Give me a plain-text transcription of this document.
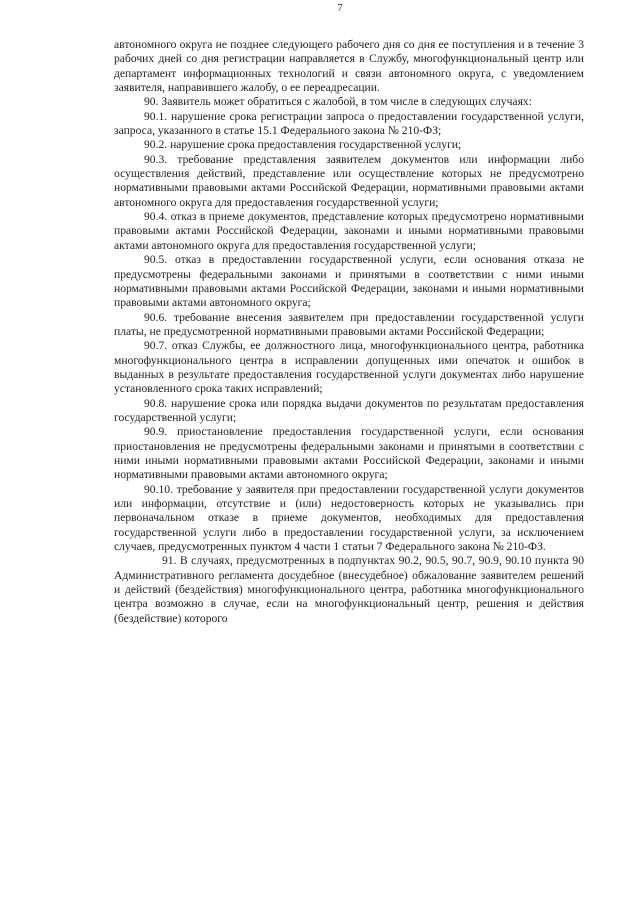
7

автономного округа не позднее следующего рабочего дня со дня ее поступления и в течение 3 рабочих дней со дня регистрации направляется в Службу, многофункциональный центр или департамент информационных технологий и связи автономного округа, с уведомлением заявителя, направившего жалобу, о ее переадресации.

90. Заявитель может обратиться с жалобой, в том числе в следующих случаях:

90.1. нарушение срока регистрации запроса о предоставлении государственной услуги, запроса, указанного в статье 15.1 Федерального закона № 210-ФЗ;

90.2. нарушение срока предоставления государственной услуги;

90.3. требование представления заявителем документов или информации либо осуществления действий, представление или осуществление которых не предусмотрено нормативными правовыми актами Российской Федерации, нормативными правовыми актами автономного округа для предоставления государственной услуги;

90.4. отказ в приеме документов, представление которых предусмотрено нормативными правовыми актами Российской Федерации, законами и иными нормативными правовыми актами автономного округа для предоставления государственной услуги;

90.5. отказ в предоставлении государственной услуги, если основания отказа не предусмотрены федеральными законами и принятыми в соответствии с ними иными нормативными правовыми актами Российской Федерации, законами и иными нормативными правовыми актами автономного округа;

90.6. требование внесения заявителем при предоставлении государственной услуги платы, не предусмотренной нормативными правовыми актами Российской Федерации;

90.7. отказ Службы, ее должностного лица, многофункционального центра, работника многофункционального центра в исправлении допущенных ими опечаток и ошибок в выданных в результате предоставления государственной услуги документах либо нарушение установленного срока таких исправлений;

90.8. нарушение срока или порядка выдачи документов по результатам предоставления государственной услуги;

90.9. приостановление предоставления государственной услуги, если основания приостановления не предусмотрены федеральными законами и принятыми в соответствии с ними иными нормативными правовыми актами Российской Федерации, законами и иными нормативными правовыми актами автономного округа;

90.10. требование у заявителя при предоставлении государственной услуги документов или информации, отсутствие и (или) недостоверность которых не указывались при первоначальном отказе в приеме документов, необходимых для предоставления государственной услуги либо в предоставлении государственной услуги, за исключением случаев, предусмотренных пунктом 4 части 1 статьи 7 Федерального закона № 210-ФЗ.

91. В случаях, предусмотренных в подпунктах 90.2, 90.5, 90.7, 90.9, 90.10 пункта 90 Административного регламента досудебное (внесудебное) обжалование заявителем решений и действий (бездействия) многофункционального центра, работника многофункционального центра возможно в случае, если на многофункциональный центр, решения и действия (бездействие) которого
